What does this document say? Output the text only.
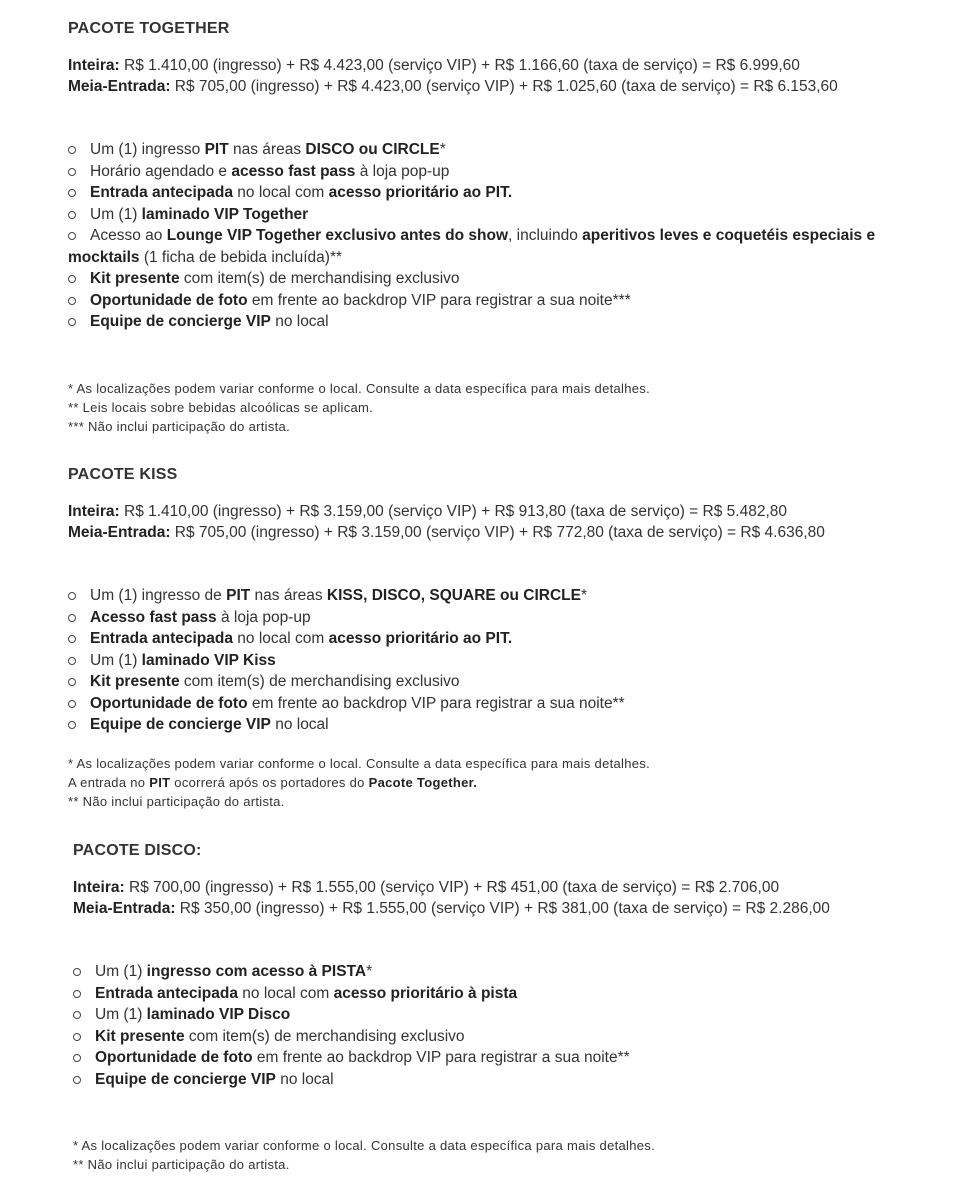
PACOTE TOGETHER
Inteira: R$ 1.410,00 (ingresso) + R$ 4.423,00 (serviço VIP) + R$ 1.166,60 (taxa de serviço) = R$ 6.999,60
Meia-Entrada: R$ 705,00 (ingresso) + R$ 4.423,00 (serviço VIP) + R$ 1.025,60 (taxa de serviço) = R$ 6.153,60
Um (1) ingresso PIT nas áreas DISCO ou CIRCLE*
Horário agendado e acesso fast pass à loja pop-up
Entrada antecipada no local com acesso prioritário ao PIT.
Um (1) laminado VIP Together
Acesso ao Lounge VIP Together exclusivo antes do show, incluindo aperitivos leves e coquetéis especiais e mocktails (1 ficha de bebida incluída)**
Kit presente com item(s) de merchandising exclusivo
Oportunidade de foto em frente ao backdrop VIP para registrar a sua noite***
Equipe de concierge VIP no local

* As localizações podem variar conforme o local. Consulte a data específica para mais detalhes.

** Leis locais sobre bebidas alcoólicas se aplicam.

*** Não inclui participação do artista.

PACOTE KISS
Inteira: R$ 1.410,00 (ingresso) + R$ 3.159,00 (serviço VIP) + R$ 913,80 (taxa de serviço) = R$ 5.482,80
Meia-Entrada: R$ 705,00 (ingresso) + R$ 3.159,00 (serviço VIP) + R$ 772,80 (taxa de serviço) = R$ 4.636,80
Um (1) ingresso de PIT nas áreas KISS, DISCO, SQUARE ou CIRCLE*
Acesso fast pass à loja pop-up
Entrada antecipada no local com acesso prioritário ao PIT.
Um (1) laminado VIP Kiss
Kit presente com item(s) de merchandising exclusivo
Oportunidade de foto em frente ao backdrop VIP para registrar a sua noite**
Equipe de concierge VIP no local

* As localizações podem variar conforme o local. Consulte a data específica para mais detalhes.

A entrada no PIT ocorrerá após os portadores do Pacote Together.

** Não inclui participação do artista.

PACOTE DISCO:
Inteira: R$ 700,00 (ingresso) + R$ 1.555,00 (serviço VIP) + R$ 451,00 (taxa de serviço) = R$ 2.706,00
Meia-Entrada: R$ 350,00 (ingresso) + R$ 1.555,00 (serviço VIP) + R$ 381,00 (taxa de serviço) = R$ 2.286,00
Um (1) ingresso com acesso à PISTA*
Entrada antecipada no local com acesso prioritário à pista
Um (1) laminado VIP Disco
Kit presente com item(s) de merchandising exclusivo
Oportunidade de foto em frente ao backdrop VIP para registrar a sua noite**
Equipe de concierge VIP no local

* As localizações podem variar conforme o local. Consulte a data específica para mais detalhes.

** Não inclui participação do artista.
